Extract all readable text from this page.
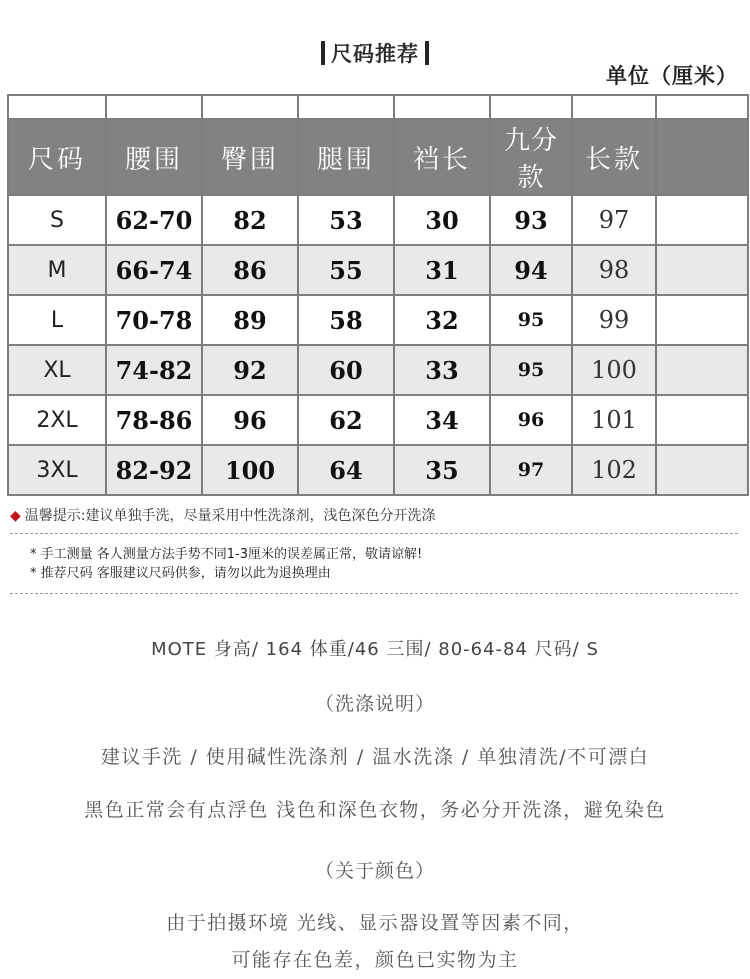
尺码推荐
单位（厘米）

尺码	腰围	臀围	腿围	裆长	九分款	长款	
S	62-70	82	53	30	93	97	
M	66-74	86	55	31	94	98	
L	70-78	89	58	32	95	99	
XL	74-82	92	60	33	95	100	
2XL	78-86	96	62	34	96	101	
3XL	82-92	100	64	35	97	102	
◆ 温馨提示:建议单独手洗，尽量采用中性洗涤剂，浅色深色分开洗涤
* 手工测量 各人测量方法手势不同1-3厘米的误差属正常，敬请谅解!
* 推荐尺码 客服建议尺码供参，请勿以此为退换理由
MOTE 身高/ 164 体重/46 三围/ 80-64-84 尺码/ S
（洗涤说明）
建议手洗 / 使用碱性洗涤剂 / 温水洗涤 / 单独清洗/不可漂白
黑色正常会有点浮色 浅色和深色衣物，务必分开洗涤，避免染色
（关于颜色）
由于拍摄环境 光线、显示器设置等因素不同，
可能存在色差，颜色已实物为主
